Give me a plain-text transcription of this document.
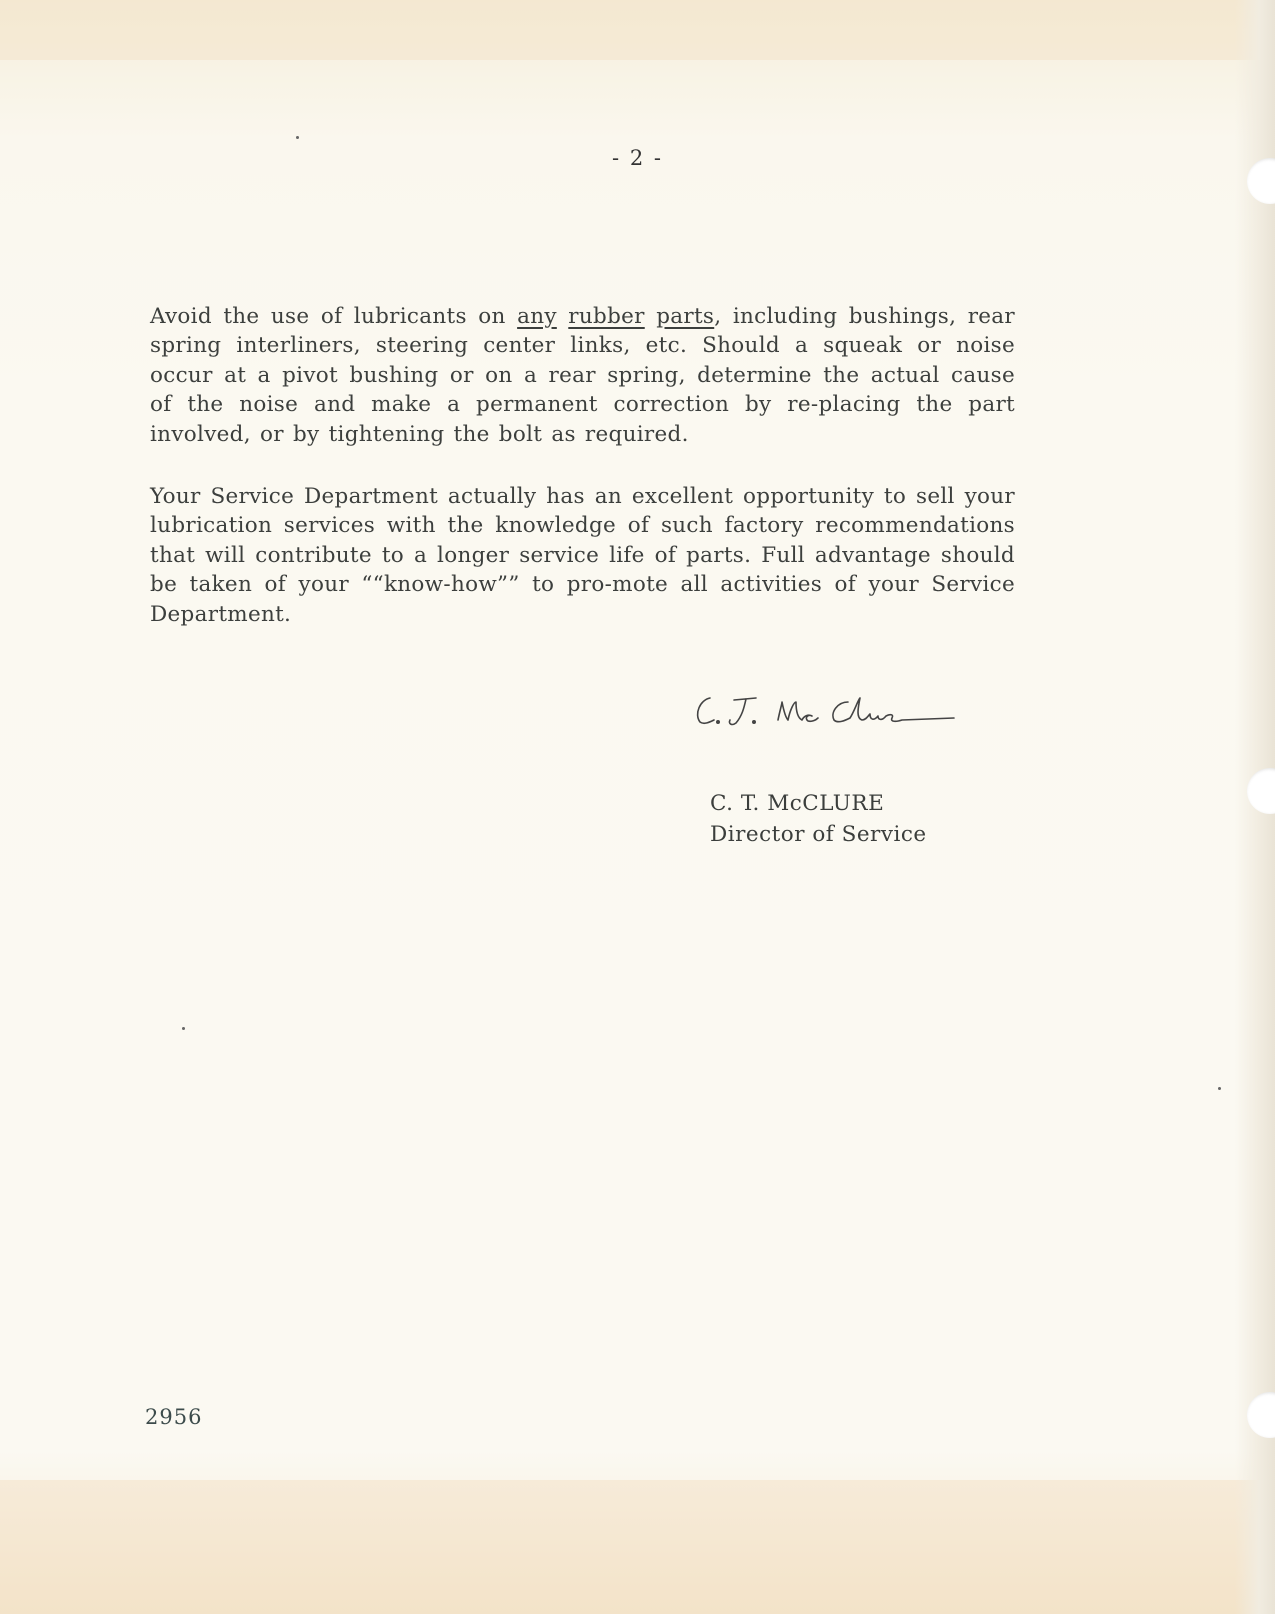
- 2 -

Avoid the use of lubricants on any rubber parts, including bushings, rear spring interliners, steering center links, etc. Should a squeak or noise occur at a pivot bushing or on a rear spring, determine the actual cause of the noise and make a permanent correction by re-placing the part involved, or by tightening the bolt as required.

Your Service Department actually has an excellent opportunity to sell your lubrication services with the knowledge of such factory recommendations that will contribute to a longer service life of parts. Full advantage should be taken of your ““know-how”” to pro-mote all activities of your Service Department.

C. T. McClure
C. T. McCLURE
Director of Service
2956
